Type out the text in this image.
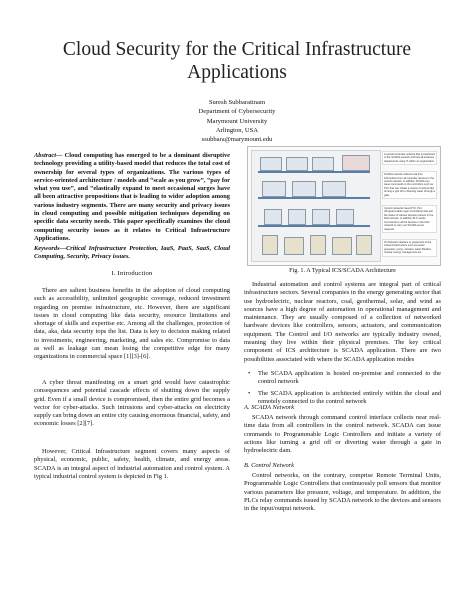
Cloud Security for the Critical Infrastructure Applications
Suresh Subbaratinam
Department of Cybersecurity
Marymount University
Arlington, USA
ssubbara@marymount.edu

Abstract— Cloud computing has emerged to be a dominant disruptive technology providing a utility-based model that reduces the total cost of ownership for several types of organizations. The various types of service-oriented architecture / models and “scale as you grow”, “pay for what you use”, and “elastically expand to meet occasional surges have all been attractive propositions that is leading to wider adoption among various industry segments. There are many security and privacy issues in cloud computing and possible mitigation techniques depending on specific data security needs. This paper specifically examines the cloud computing security issues as it relates to Critical Infrastructure Applications.

Keywords—Critical Infrastructure Protection, IaaS, PaaS, SaaS, Cloud Computing, Security, Privacy issues.

I. Introduction

There are salient business benefits in the adoption of cloud computing such as accessibility, unlimited geographic coverage, reduced investment regarding on premise infrastructure, etc. However, there are significant issues in cloud computing like data security, resource limitations and shortage of skills and expertise etc. Among all the challenges, protection of data, aka, data security tops the list. Data is key to decision making related to investments, engineering, marketing, and sales etc. Compromise to data as well as leakage can mean losing the competitive edge for many organizations in commercial space [1][3]-[6].

A cyber threat manifesting on a smart grid would have catastrophic consequences and potential cascade effects of shutting down the supply grid. Even if a small device is compromised, then the entire grid becomes a vector for cyber-attacks. Such intrusions and cyber-attacks on electricity supply can bring down an entire city causing enormous financial, safety, and economic losses [2][7].

However, Critical Infrastructure segment covers many aspects of physical, economic, public, safety, health, climate, and energy areas. SCADA is an integral aspect of industrial automation and control system. A typical industrial control system is depicted in Fig 1.

A typical corporate network that is interfaced to the SCADA network and has all business departments using IT within an organization.
SCADA network collects real time information from all controller devices in the control network. In addition SCADA can issue commands to the controllers such as PLC that can initiate a variety of actions like turning a grid off or diverting water through a gate.
Control networks have RTU, PLC (Programmable Logic Controllers) that poll the status of various devices present in the field network. In addition PLC sends commands to all the devices in the field network to carry out SCADA server requests.
I/O Network interface to equipment of the critical infrastructure such as power generator, pump, elevator, water filtration, nuclear energy management etc.
Fig. 1. A Typical ICS/SCADA Architecture

Industrial automation and control systems are integral part of critical infrastructure sectors. Several companies in the energy generating sector that use hydroelectric, nuclear reactors, coal, geothermal, solar, and wind as sources have a high degree of automation in operational management and maintenance. They are usually composed of a collection of networked hardware devices like controllers, sensors, actuators, and communication equipment. The Control and I/O networks are typically industry owned, meaning they live within their physical premises. The key critical component of ICS architecture is SCADA application. There are two possibilities associated with where the SCADA application resides

• The SCADA application is hosted on-premise and connected to the control network
• The SCADA application is architected entirely within the cloud and remotely connected to the control network

A. SCADA Network

SCADA network through command control interface collects near real-time data from all controllers in the control network. SCADA can issue commands to Programmable Logic Controllers and initiate a variety of actions like turning a grid off or diverting water through a gate in hydroelectric dam.

B. Control Network

Control networks, on the contrary, comprise Remote Terminal Units, Programmable Logic Controllers that continuously poll sensors that monitor various parameters like pressure, voltage, and temperature. In addition, the PLCs relay commands issued by SCADA network to the devices and sensors in the input/output network.
